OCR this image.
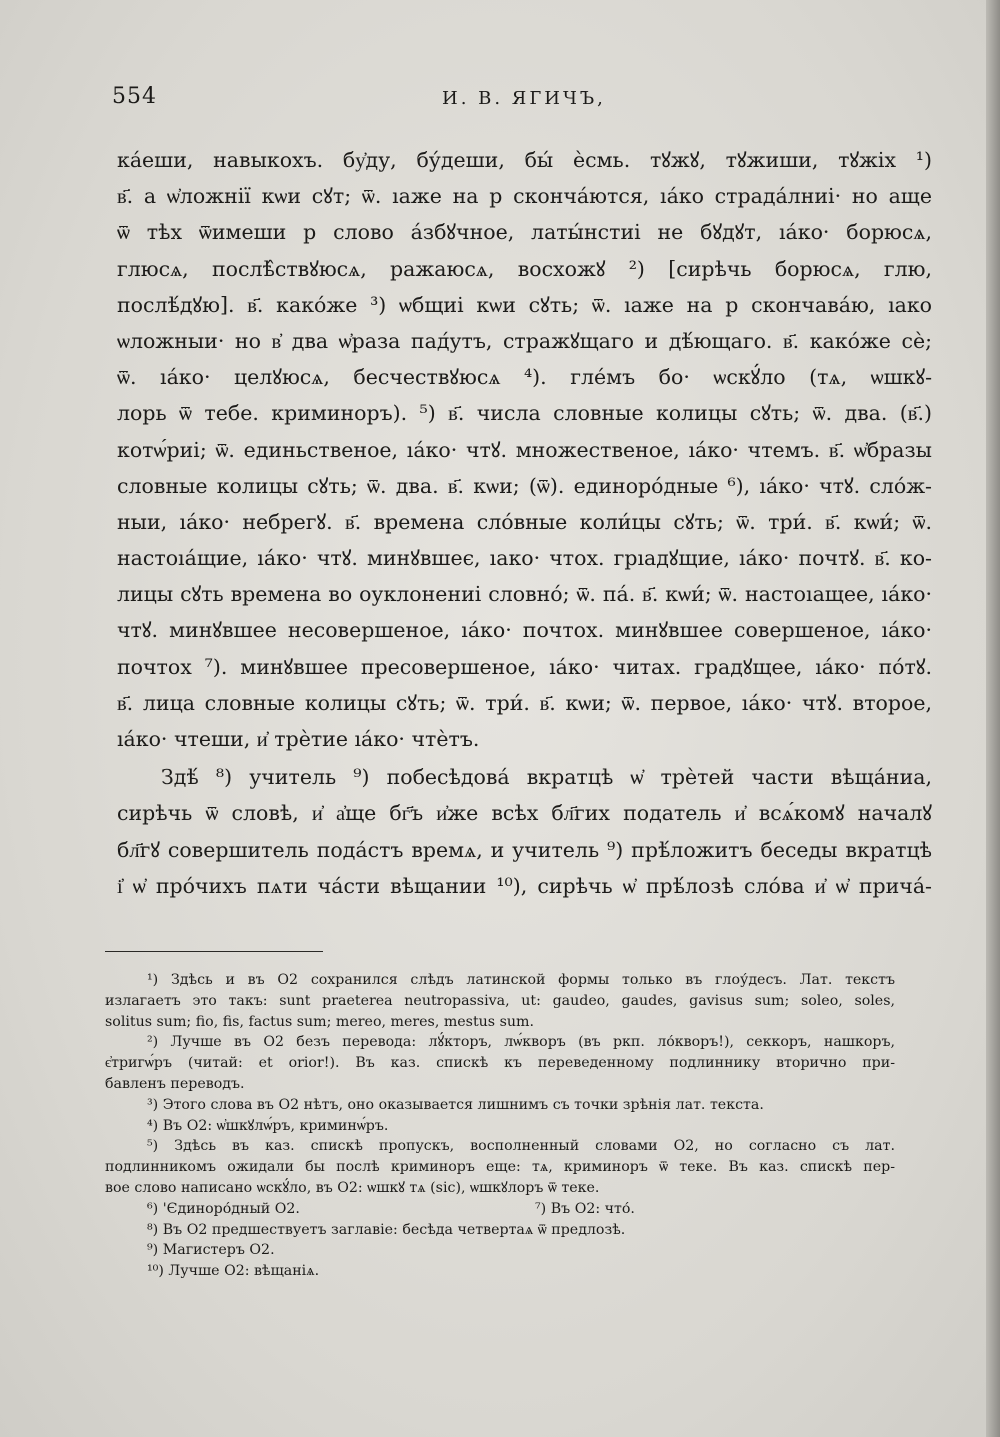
554	И. В. ЯГИЧЪ,
ка́еши, навыкохъ. бу҆ду, бу́деши, бы́ ѐсмь. тꙋжꙋ, тꙋжиши, тꙋжіх ¹)
в҃. а ѡ҆ложнії кѡи сꙋт; ѿ. ıаже на р сконча́ются, ıа́ко страда́лниі· но аще
ѿ тѣх ѿимеши р слово а́збꙋчное, латы́нстиі не бꙋдꙋт, ıа́ко· борюсѧ,
глюсѧ, послѣ̂ствꙋюсѧ, ражаюсѧ, восхожꙋ ²) [сирѣчь борюсѧ, глю,
послѣ́дꙋю]. в҃. како́же ³) ѡбщиі кѡи сꙋть; ѿ. ıаже на р скончава́ю, ıако
ѡложныи· но в҆ два ѡ҆раза пад́утъ, стражꙋщаго и дѣ́ющаго. в҃. како́же сѐ;
ѿ. ıа́ко· целꙋюсѧ, бесчествꙋюсѧ ⁴). гле́мъ бо· ѡскꙋ́ло (тѧ, ѡшкꙋ-
лорь ѿ тебе. криминоръ). ⁵) в҃. числа словные колицы сꙋть; ѿ. два. (в҃.)
котѡ́риі; ѿ. единьственое, ıа́ко· чтꙋ. множественое, ıа́ко· чтемъ. в҃. ѡ҆бразы
словные колицы сꙋть; ѿ. два. в҃. кѡи; (ѿ). единоро́дные ⁶), ıа́ко· чтꙋ. сло́ж-
ныи, ıа́ко· небрегꙋ. в҃. времена сло́вные коли́цы сꙋть; ѿ. три́. в҃. кѡи́; ѿ.
настоıа́щие, ıа́ко· чтꙋ. минꙋвшеє, ıако· чтох. грıадꙋщие, ıа́ко· почтꙋ. в҃. ко-
лицы сꙋть времена во оуклонениі словно́; ѿ. па́. в҃. кѡи́; ѿ. настоıащее, ıа́ко·
чтꙋ. минꙋвшее несовершеное, ıа́ко· почтох. минꙋвшее совершеное, ıа́ко·
почтох ⁷). минꙋвшее пресовершеное, ıа́ко· читах. градꙋщее, ıа́ко· по́тꙋ.
в҃. лица словные колицы сꙋть; ѿ. три́. в҃. кѡи; ѿ. первое, ıа́ко· чтꙋ. второе,
ıа́ко· чтеши, и҆ трѐтие ıа́ко· чтѐтъ.
Здѣ́ ⁸) учитель ⁹) побесѣдова́ вкратцѣ ѡ҆ трѐтей части вѣща́ниа,
сирѣчь ѿ словѣ, и҆ а҆ще бг҃ъ и҆же всѣх бл҃гих податель и҆ всѧ́комꙋ началꙋ
бл҃гꙋ совершитель пода́стъ времѧ, и учитель ⁹) прѣ́ложитъ беседы вкратцѣ
і҆ ѡ҆ про́чихъ пѧти ча́сти вѣщании ¹⁰), сирѣчь ѡ҆ прѣ́лозѣ сло́ва и҆ ѡ҆ прича́-
¹) Здѣсь и въ О2 сохранился слѣдъ латинской формы только въ глоу́десъ. Лат. текстъ
излагаетъ это такъ: sunt praeterea neutropassiva, ut: gaudeo, gaudes, gavisus sum; soleo, soles,
solitus sum; fio, fis, factus sum; mereo, meres, mestus sum.
²) Лучше въ О2 безъ перевода: лꙋ́кторъ, лѡ́кворъ (въ ркп. ло́кворъ!), секкоръ, нашкоръ,
є҆тригѡ́ръ (читай: et orior!). Въ каз. спискѣ къ переведенному подлиннику вторично при-
бавленъ переводъ.
³) Этого слова въ О2 нѣтъ, оно оказывается лишнимъ съ точки зрѣнія лат. текста.
⁴) Въ О2: ѡ҆шкꙋлѡ́ръ, криминѡ́ръ.
⁵) Здѣсь въ каз. спискѣ пропускъ, восполненный словами О2, но согласно съ лат.
подлинникомъ ожидали бы послѣ криминоръ еще: тѧ, криминоръ ѿ теке. Въ каз. спискѣ пер-
вое слово написано ѡскꙋ́ло, въ О2: ѡшкꙋ тѧ (sic), ѡшкꙋлоръ ѿ теке.
⁶) 'Єдиноро́дный О2.	⁷) Въ О2: что́.
⁸) Въ О2 предшествуетъ заглавіе: бесѣда четвертаѧ ѿ предлозѣ.
⁹) Магистеръ О2.
¹⁰) Лучше О2: вѣщаніѧ.
